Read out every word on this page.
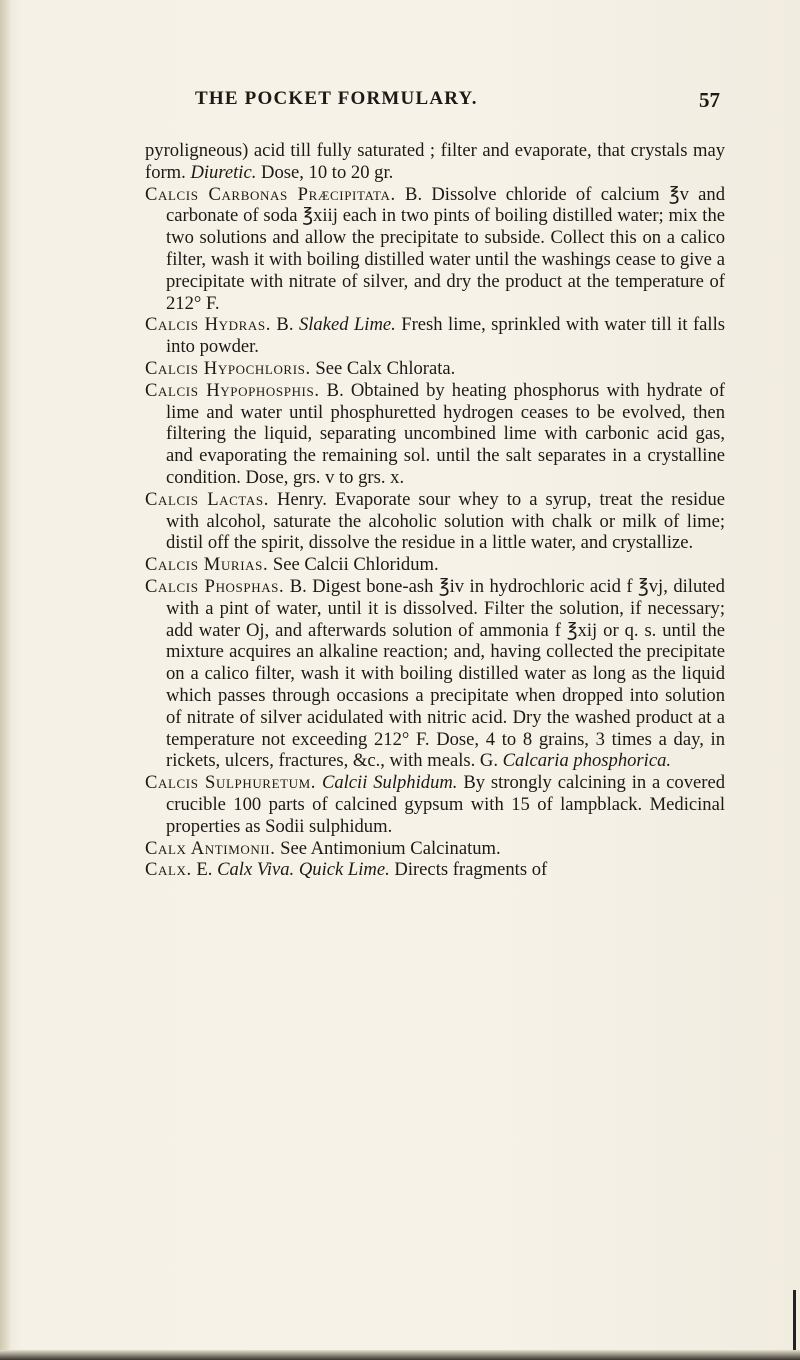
THE POCKET FORMULARY.	57

pyroligneous) acid till fully saturated ; filter and evaporate, that crystals may form. Diuretic. Dose, 10 to 20 gr.

Calcis Carbonas Præcipitata. B. Dissolve chloride of calcium ℥v and carbonate of soda ℥xiij each in two pints of boiling distilled water; mix the two solutions and allow the precipitate to subside. Collect this on a calico filter, wash it with boiling distilled water until the washings cease to give a precipitate with nitrate of silver, and dry the product at the temperature of 212° F.

Calcis Hydras. B. Slaked Lime. Fresh lime, sprinkled with water till it falls into powder.

Calcis Hypochloris. See Calx Chlorata.

Calcis Hypophosphis. B. Obtained by heating phosphorus with hydrate of lime and water until phosphuretted hydrogen ceases to be evolved, then filtering the liquid, separating uncombined lime with carbonic acid gas, and evaporating the remaining sol. until the salt separates in a crystalline condition. Dose, grs. v to grs. x.

Calcis Lactas. Henry. Evaporate sour whey to a syrup, treat the residue with alcohol, saturate the alcoholic solution with chalk or milk of lime; distil off the spirit, dissolve the residue in a little water, and crystallize.

Calcis Murias. See Calcii Chloridum.

Calcis Phosphas. B. Digest bone-ash ℥iv in hydrochloric acid f ℥vj, diluted with a pint of water, until it is dissolved. Filter the solution, if necessary; add water Oj, and afterwards solution of ammonia f ℥xij or q. s. until the mixture acquires an alkaline reaction; and, having collected the precipitate on a calico filter, wash it with boiling distilled water as long as the liquid which passes through occasions a precipitate when dropped into solution of nitrate of silver acidulated with nitric acid. Dry the washed product at a temperature not exceeding 212° F. Dose, 4 to 8 grains, 3 times a day, in rickets, ulcers, fractures, &c., with meals. G. Calcaria phosphorica.

Calcis Sulphuretum. Calcii Sulphidum. By strongly calcining in a covered crucible 100 parts of calcined gypsum with 15 of lampblack. Medicinal properties as Sodii sulphidum.

Calx Antimonii. See Antimonium Calcinatum.

Calx. E. Calx Viva. Quick Lime. Directs fragments of
